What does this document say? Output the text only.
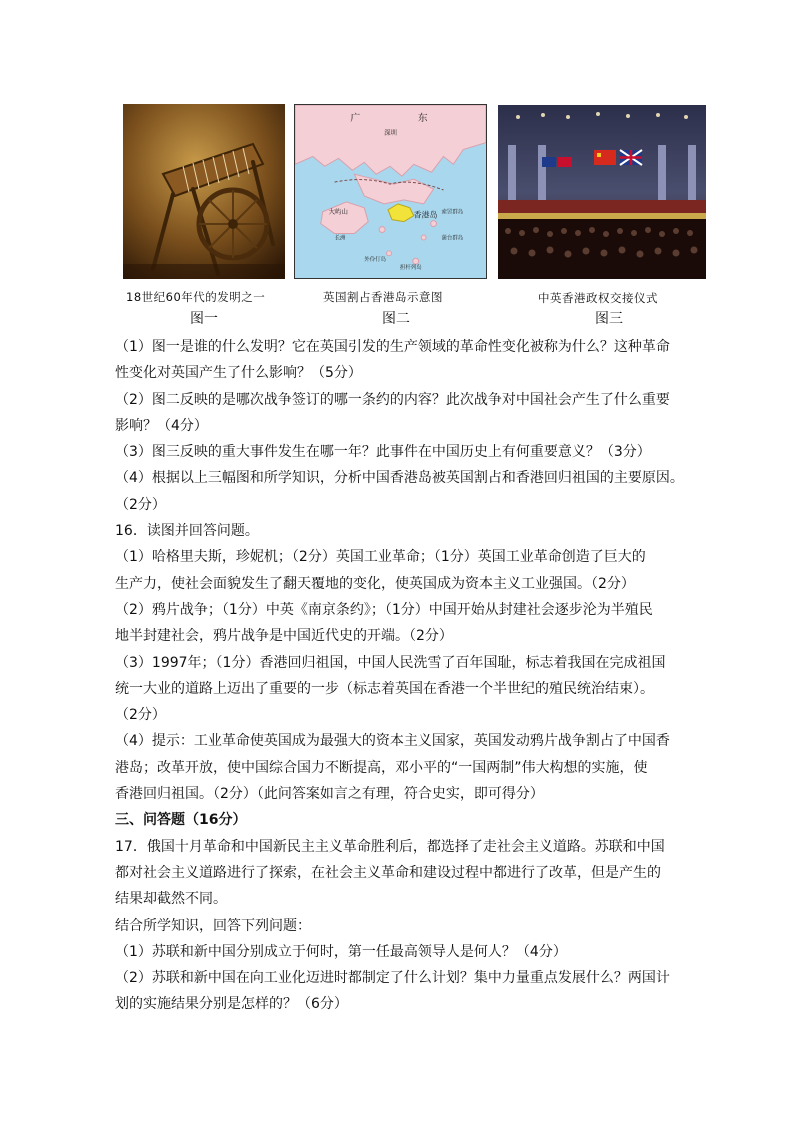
广	东
深圳
大屿山	香港岛 索罟群岛
蒲台群岛
长洲
外伶仃岛
担杆列岛
18世纪60年代的发明之一	英国割占香港岛示意图	中英香港政权交接仪式
图一	图二	图三
（1）图一是谁的什么发明？它在英国引发的生产领域的革命性变化被称为什么？这种革命
性变化对英国产生了什么影响？（5分）
（2）图二反映的是哪次战争签订的哪一条约的内容？此次战争对中国社会产生了什么重要
影响？（4分）
（3）图三反映的重大事件发生在哪一年？此事件在中国历史上有何重要意义？（3分）
（4）根据以上三幅图和所学知识，分析中国香港岛被英国割占和香港回归祖国的主要原因。
（2分）
16．读图并回答问题。
（1）哈格里夫斯，珍妮机；（2分）英国工业革命；（1分）英国工业革命创造了巨大的
生产力，使社会面貌发生了翻天覆地的变化，使英国成为资本主义工业强国。（2分）
（2）鸦片战争；（1分）中英《南京条约》；（1分）中国开始从封建社会逐步沦为半殖民
地半封建社会，鸦片战争是中国近代史的开端。（2分）
（3）1997年；（1分）香港回归祖国，中国人民洗雪了百年国耻，标志着我国在完成祖国
统一大业的道路上迈出了重要的一步（标志着英国在香港一个半世纪的殖民统治结束）。
（2分）
（4）提示：工业革命使英国成为最强大的资本主义国家，英国发动鸦片战争割占了中国香
港岛；改革开放，使中国综合国力不断提高，邓小平的“一国两制”伟大构想的实施，使
香港回归祖国。（2分）（此问答案如言之有理，符合史实，即可得分）
三、问答题（16分）
17．俄国十月革命和中国新民主主义革命胜利后，都选择了走社会主义道路。苏联和中国
都对社会主义道路进行了探索，在社会主义革命和建设过程中都进行了改革，但是产生的
结果却截然不同。
结合所学知识，回答下列问题：
（1）苏联和新中国分别成立于何时，第一任最高领导人是何人？（4分）
（2）苏联和新中国在向工业化迈进时都制定了什么计划？集中力量重点发展什么？两国计
划的实施结果分别是怎样的？（6分）
